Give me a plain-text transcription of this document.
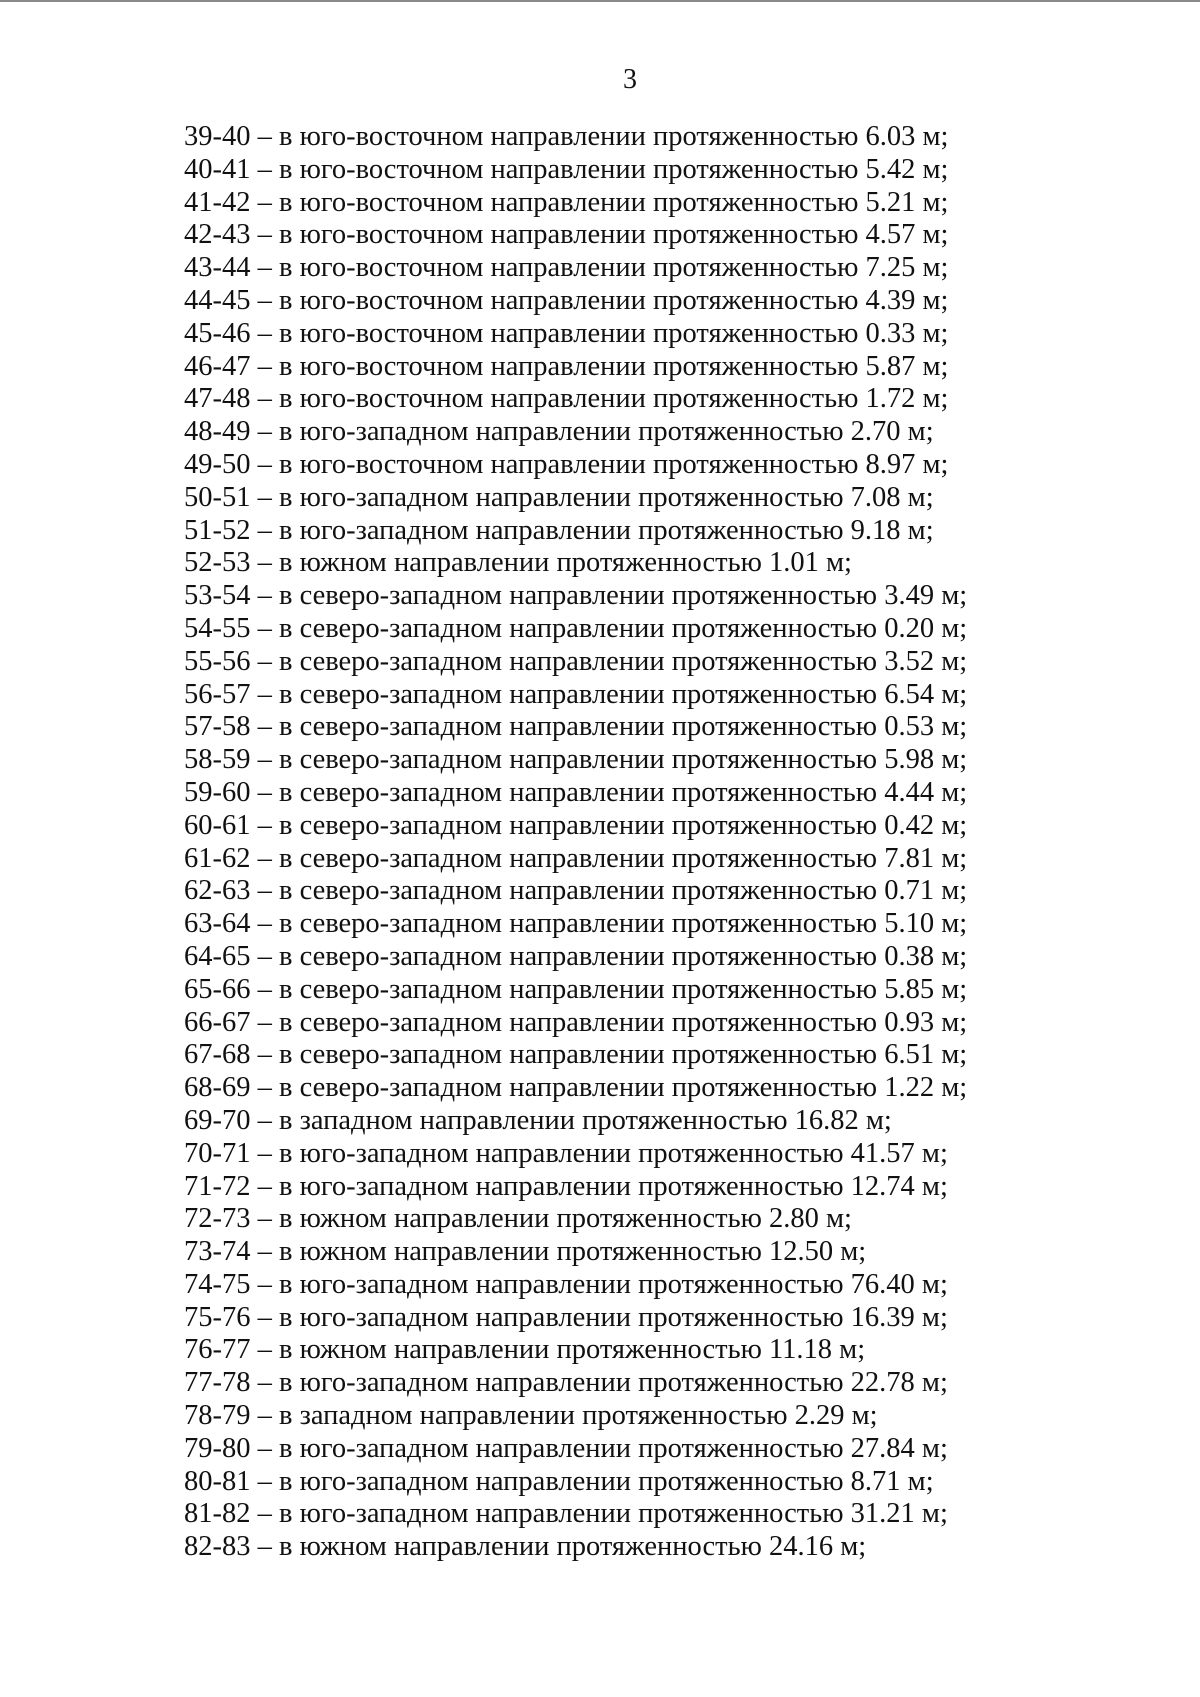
3
39-40 – в юго-восточном направлении протяженностью 6.03 м;
40-41 – в юго-восточном направлении протяженностью 5.42 м;
41-42 – в юго-восточном направлении протяженностью 5.21 м;
42-43 – в юго-восточном направлении протяженностью 4.57 м;
43-44 – в юго-восточном направлении протяженностью 7.25 м;
44-45 – в юго-восточном направлении протяженностью 4.39 м;
45-46 – в юго-восточном направлении протяженностью 0.33 м;
46-47 – в юго-восточном направлении протяженностью 5.87 м;
47-48 – в юго-восточном направлении протяженностью 1.72 м;
48-49 – в юго-западном направлении протяженностью 2.70 м;
49-50 – в юго-восточном направлении протяженностью 8.97 м;
50-51 – в юго-западном направлении протяженностью 7.08 м;
51-52 – в юго-западном направлении протяженностью 9.18 м;
52-53 – в южном направлении протяженностью 1.01 м;
53-54 – в северо-западном направлении протяженностью 3.49 м;
54-55 – в северо-западном направлении протяженностью 0.20 м;
55-56 – в северо-западном направлении протяженностью 3.52 м;
56-57 – в северо-западном направлении протяженностью 6.54 м;
57-58 – в северо-западном направлении протяженностью 0.53 м;
58-59 – в северо-западном направлении протяженностью 5.98 м;
59-60 – в северо-западном направлении протяженностью 4.44 м;
60-61 – в северо-западном направлении протяженностью 0.42 м;
61-62 – в северо-западном направлении протяженностью 7.81 м;
62-63 – в северо-западном направлении протяженностью 0.71 м;
63-64 – в северо-западном направлении протяженностью 5.10 м;
64-65 – в северо-западном направлении протяженностью 0.38 м;
65-66 – в северо-западном направлении протяженностью 5.85 м;
66-67 – в северо-западном направлении протяженностью 0.93 м;
67-68 – в северо-западном направлении протяженностью 6.51 м;
68-69 – в северо-западном направлении протяженностью 1.22 м;
69-70 – в западном направлении протяженностью 16.82 м;
70-71 – в юго-западном направлении протяженностью 41.57 м;
71-72 – в юго-западном направлении протяженностью 12.74 м;
72-73 – в южном направлении протяженностью 2.80 м;
73-74 – в южном направлении протяженностью 12.50 м;
74-75 – в юго-западном направлении протяженностью 76.40 м;
75-76 – в юго-западном направлении протяженностью 16.39 м;
76-77 – в южном направлении протяженностью 11.18 м;
77-78 – в юго-западном направлении протяженностью 22.78 м;
78-79 – в западном направлении протяженностью 2.29 м;
79-80 – в юго-западном направлении протяженностью 27.84 м;
80-81 – в юго-западном направлении протяженностью 8.71 м;
81-82 – в юго-западном направлении протяженностью 31.21 м;
82-83 – в южном направлении протяженностью 24.16 м;
